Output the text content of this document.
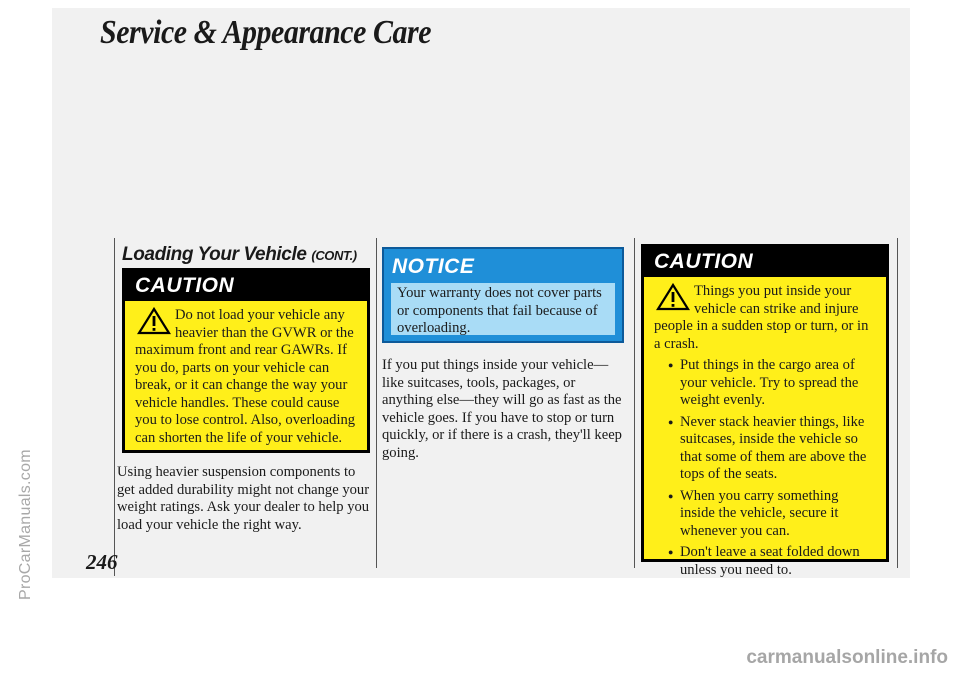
ProCarManuals.com
Service & Appearance Care
Loading Your Vehicle (CONT.)
CAUTION
Do not load your vehicle any heavier than the GVWR or the maximum front and rear GAWRs. If you do, parts on your vehicle can break, or it can change the way your vehicle handles. These could cause you to lose control. Also, overloading can shorten the life of your vehicle.
Using heavier suspension components to get added durability might not change your weight ratings. Ask your dealer to help you load your vehicle the right way.
NOTICE
Your warranty does not cover parts or components that fail because of overloading.
If you put things inside your vehicle—like suitcases, tools, packages, or anything else—they will go as fast as the vehicle goes. If you have to stop or turn quickly, or if there is a crash, they'll keep going.
CAUTION
Things you put inside your vehicle can strike and injure people in a sudden stop or turn, or in a crash.
● Put things in the cargo area of your vehicle. Try to spread the weight evenly.
● Never stack heavier things, like suitcases, inside the vehicle so that some of them are above the tops of the seats.
● When you carry something inside the vehicle, secure it whenever you can.
● Don't leave a seat folded down unless you need to.
246
carmanualsonline.info
